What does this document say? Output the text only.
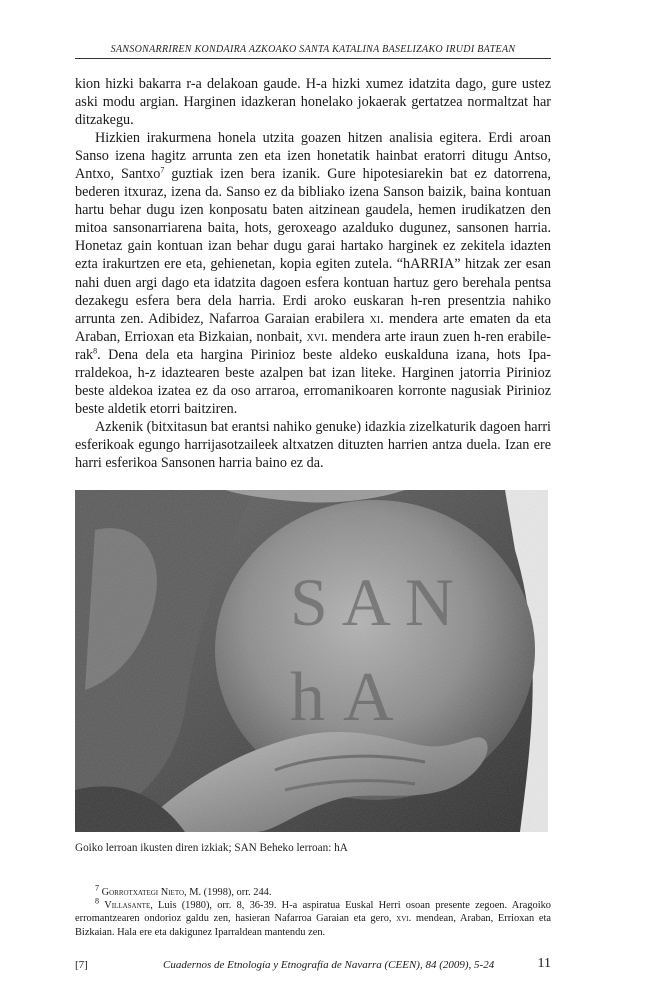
SANSONARRIREN KONDAIRA AZKOAKO SANTA KATALINA BASELIZAKO IRUDI BATEAN

kion hizki bakarra r-a delakoan gaude. H-a hizki xumez idatzita dago, gure ustez aski modu argian. Harginen idazkeran honelako jokaerak gertatzea normaltzat har ditzakegu.

Hizkien irakurmena honela utzita goazen hitzen analisia egitera. Erdi aroan Sanso izena hagitz arrunta zen eta izen honetatik hainbat eratorri ditugu Antso, Antxo, Santxo$^7$ guztiak izen bera izanik. Gure hipotesiarekin bat ez datorrena, bederen itxuraz, izena da. Sanso ez da bibliako izena Sanson baizik, baina kontuan hartu behar dugu izen konposatu baten aitzinean gaudela, hemen irudikatzen den mitoa sansonarriarena baita, hots, geroxeago azalduko dugunez, sansonen harria. Honetaz gain kontuan izan behar dugu garai hartako harginek ez zekitela idazten ezta irakurtzen ere eta, gehienetan, kopia egiten zutela. “hARRIA” hitzak zer esan nahi duen argi dago eta idatzita dagoen esfera kontuan hartuz gero berehala pentsa dezakegu esfera bera dela harria. Erdi aroko euskaran h-ren presentzia nahiko arrunta zen. Adibidez, Nafarroa Garaian erabilera xi. mendera arte ematen da eta Araban, Errioxan eta Bizkaian, nonbait, xvi. mendera arte iraun zuen h-ren erabilerak$^8$. Dena dela eta hargina Pirinioz beste aldeko euskalduna izana, hots Iparraldekoa, h-z idaztearen beste azalpen bat izan liteke. Harginen jatorria Pirinioz beste aldekoa izatea ez da oso arraroa, erromanikoaren korronte nagusiak Pirinioz beste aldetik etorri baitziren.

Azkenik (bitxitasun bat erantsi nahiko genuke) idazkia zizelkaturik dagoen harri esferikoak egungo harrijasotzaileek altxatzen dituzten harrien antza duela. Izan ere harri esferikoa Sansonen harria baino ez da.

Goiko lerroan ikusten diren izkiak; SAN Beheko lerroan: hA

$^7$ Gorrotxategi Nieto, M. (1998), orr. 244.

$^8$ Villasante, Luis (1980), orr. 8, 36-39. H-a aspiratua Euskal Herri osoan presente zegoen. Aragoiko erromantzearen ondorioz galdu zen, hasieran Nafarroa Garaian eta gero, xvi. mendean, Araban, Errioxan eta Bizkaian. Hala ere eta dakigunez Iparraldean mantendu zen.

[7]	Cuadernos de Etnología y Etnografía de Navarra (CEEN), 84 (2009), 5-24	11
